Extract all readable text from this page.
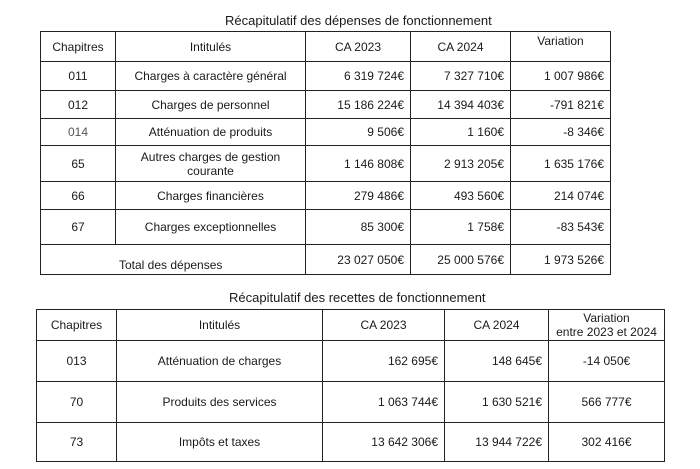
Récapitulatif des dépenses de fonctionnement
Chapitres	Intitulés	CA 2023	CA 2024	Variation
011	Charges à caractère général	6 319 724€	7 327 710€	1 007 986€
012	Charges de personnel	15 186 224€	14 394 403€	-791 821€
014	Atténuation de produits	9 506€	1 160€	-8 346€
65	Autres charges de gestion courante	1 146 808€	2 913 205€	1 635 176€
66	Charges financières	279 486€	493 560€	214 074€
67	Charges exceptionnelles	85 300€	1 758€	-83 543€
Total des dépenses		23 027 050€	25 000 576€	1 973 526€
Récapitulatif des recettes de fonctionnement
Chapitres	Intitulés	CA 2023	CA 2024	Variation
entre 2023 et 2024

013	Atténuation de charges	162 695€	148 645€	-14 050€
70	Produits des services	1 063 744€	1 630 521€	566 777€
73	Impôts et taxes	13 642 306€	13 944 722€	302 416€
